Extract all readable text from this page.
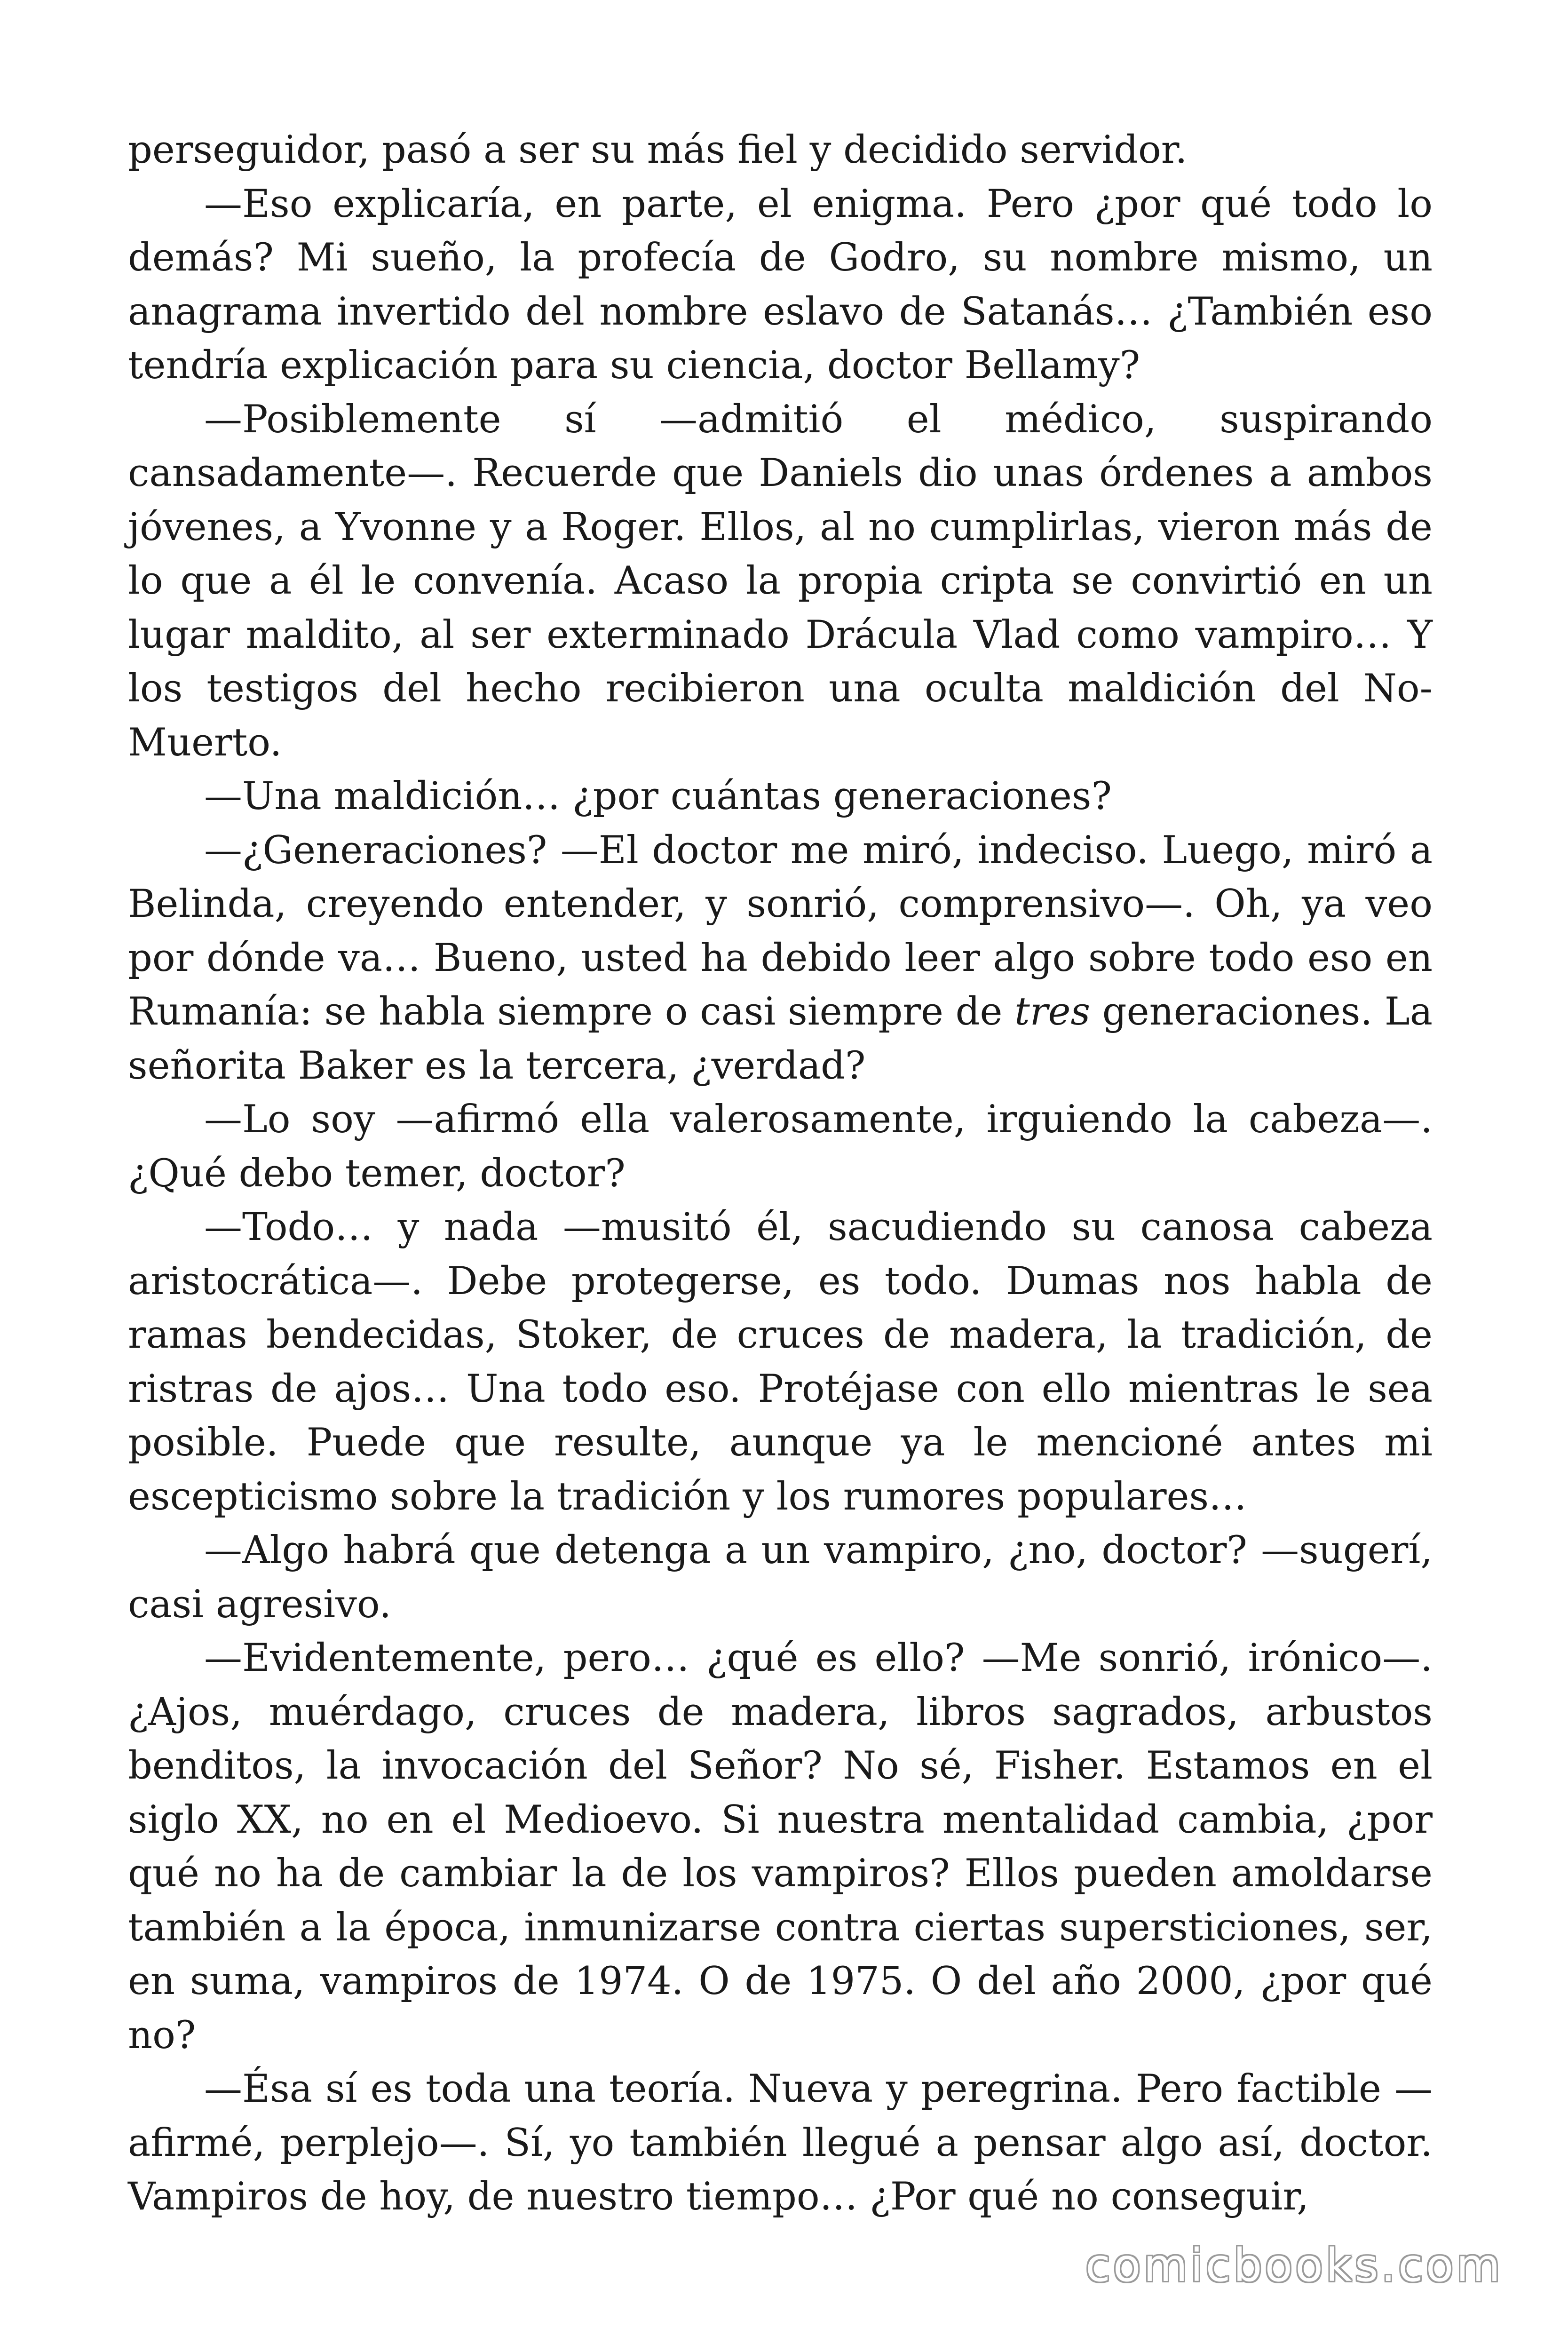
perseguidor, pasó a ser su más fiel y decidido servidor.

—Eso explicaría, en parte, el enigma. Pero ¿por qué todo lo demás? Mi sueño, la profecía de Godro, su nombre mismo, un anagrama invertido del nombre eslavo de Satanás… ¿También eso tendría explicación para su ciencia, doctor Bellamy?

—Posiblemente sí —admitió el médico, suspirando cansadamente—. Recuerde que Daniels dio unas órdenes a ambos jóvenes, a Yvonne y a Roger. Ellos, al no cumplirlas, vieron más de lo que a él le convenía. Acaso la propia cripta se convirtió en un lugar maldito, al ser exterminado Drácula Vlad como vampiro… Y los testigos del hecho recibieron una oculta maldición del No-Muerto.

—Una maldición… ¿por cuántas generaciones?

—¿Generaciones? —El doctor me miró, indeciso. Luego, miró a Belinda, creyendo entender, y sonrió, comprensivo—. Oh, ya veo por dónde va… Bueno, usted ha debido leer algo sobre todo eso en Rumanía: se habla siempre o casi siempre de tres generaciones. La señorita Baker es la tercera, ¿verdad?

—Lo soy —afirmó ella valerosamente, irguiendo la cabeza—. ¿Qué debo temer, doctor?

—Todo… y nada —musitó él, sacudiendo su canosa cabeza aristocrática—. Debe protegerse, es todo. Dumas nos habla de ramas bendecidas, Stoker, de cruces de madera, la tradición, de ristras de ajos… Una todo eso. Protéjase con ello mientras le sea posible. Puede que resulte, aunque ya le mencioné antes mi escepticismo sobre la tradición y los rumores populares…

—Algo habrá que detenga a un vampiro, ¿no, doctor? —sugerí, casi agresivo.

—Evidentemente, pero… ¿qué es ello? —Me sonrió, irónico—. ¿Ajos, muérdago, cruces de madera, libros sagrados, arbustos benditos, la invocación del Señor? No sé, Fisher. Estamos en el siglo XX, no en el Medioevo. Si nuestra mentalidad cambia, ¿por qué no ha de cambiar la de los vampiros? Ellos pueden amoldarse también a la época, inmunizarse contra ciertas supersticiones, ser, en suma, vampiros de 1974. O de 1975. O del año 2000, ¿por qué no?

—Ésa sí es toda una teoría. Nueva y peregrina. Pero factible —afirmé, perplejo—. Sí, yo también llegué a pensar algo así, doctor. Vampiros de hoy, de nuestro tiempo… ¿Por qué no conseguir,

comicbooks.com
